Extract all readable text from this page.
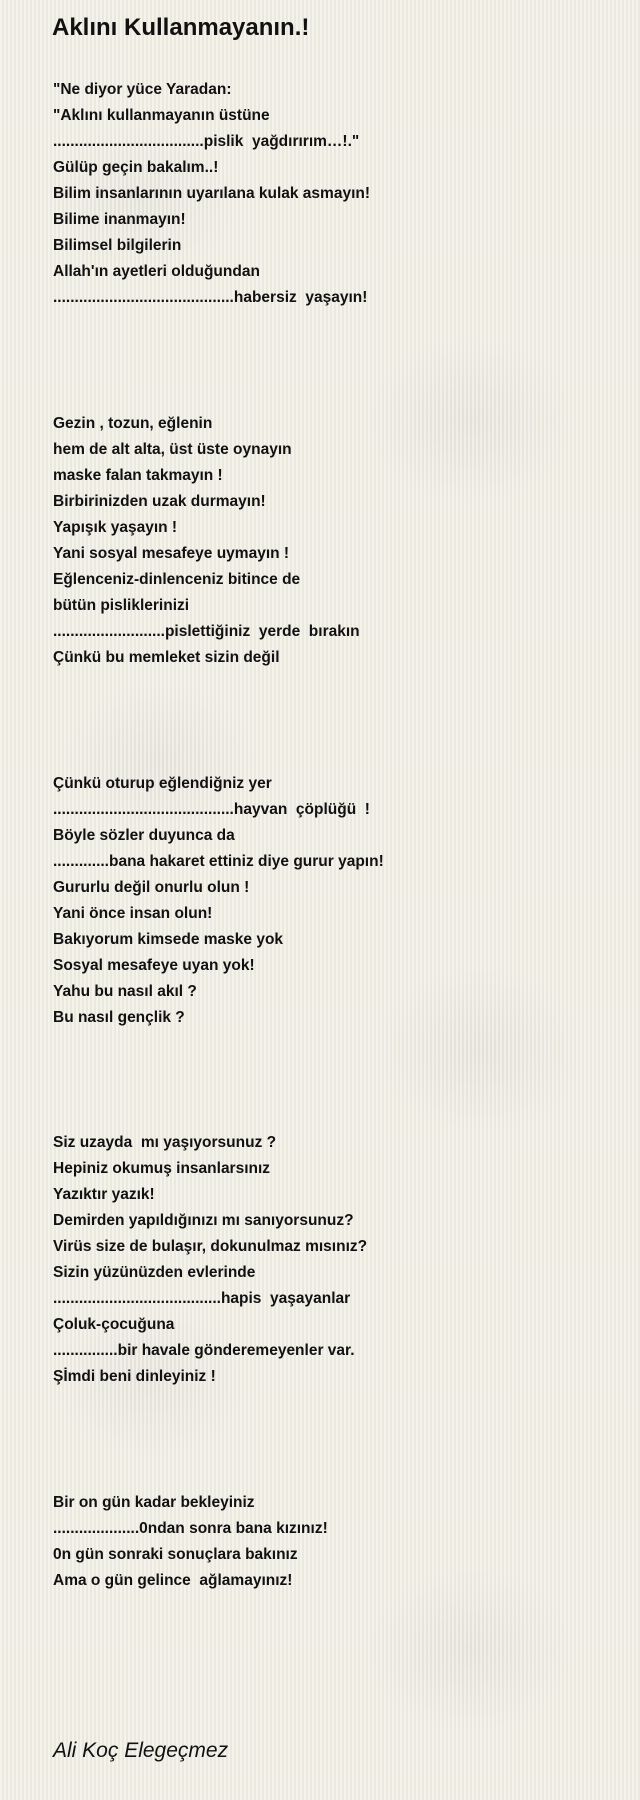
Aklını Kullanmayanın.!
"Ne diyor yüce Yaradan:
"Aklını kullanmayanın üstüne
...................................pislik  yağdırırım…!."
Gülüp geçin bakalım..!
Bilim insanlarının uyarılana kulak asmayın!
Bilime inanmayın!
Bilimsel bilgilerin
Allah'ın ayetleri olduğundan
..........................................habersiz  yaşayın!
Gezin , tozun, eğlenin
hem de alt alta, üst üste oynayın
maske falan takmayın !
Birbirinizden uzak durmayın!
Yapışık yaşayın !
Yani sosyal mesafeye uymayın !
Eğlenceniz-dinlenceniz bitince de
bütün pisliklerinizi
..........................pislettiğiniz  yerde  bırakın
Çünkü bu memleket sizin değil
Çünkü oturup eğlendiğniz yer
..........................................hayvan  çöplüğü  !
Böyle sözler duyunca da
.............bana hakaret ettiniz diye gurur yapın!
Gururlu değil onurlu olun !
Yani önce insan olun!
Bakıyorum kimsede maske yok
Sosyal mesafeye uyan yok!
Yahu bu nasıl akıl ?
Bu nasıl gençlik ?
Siz uzayda  mı yaşıyorsunuz ?
Hepiniz okumuş insanlarsınız
Yazıktır yazık!
Demirden yapıldığınızı mı sanıyorsunuz?
Virüs size de bulaşır, dokunulmaz mısınız?
Sizin yüzünüzden evlerinde
.......................................hapis  yaşayanlar
Çoluk-çocuğuna
...............bir havale gönderemeyenler var.
Şİmdi beni dinleyiniz !
Bir on gün kadar bekleyiniz
....................0ndan sonra bana kızınız!
0n gün sonraki sonuçlara bakınız
Ama o gün gelince  ağlamayınız!

Ali Koç Elegeçmez
